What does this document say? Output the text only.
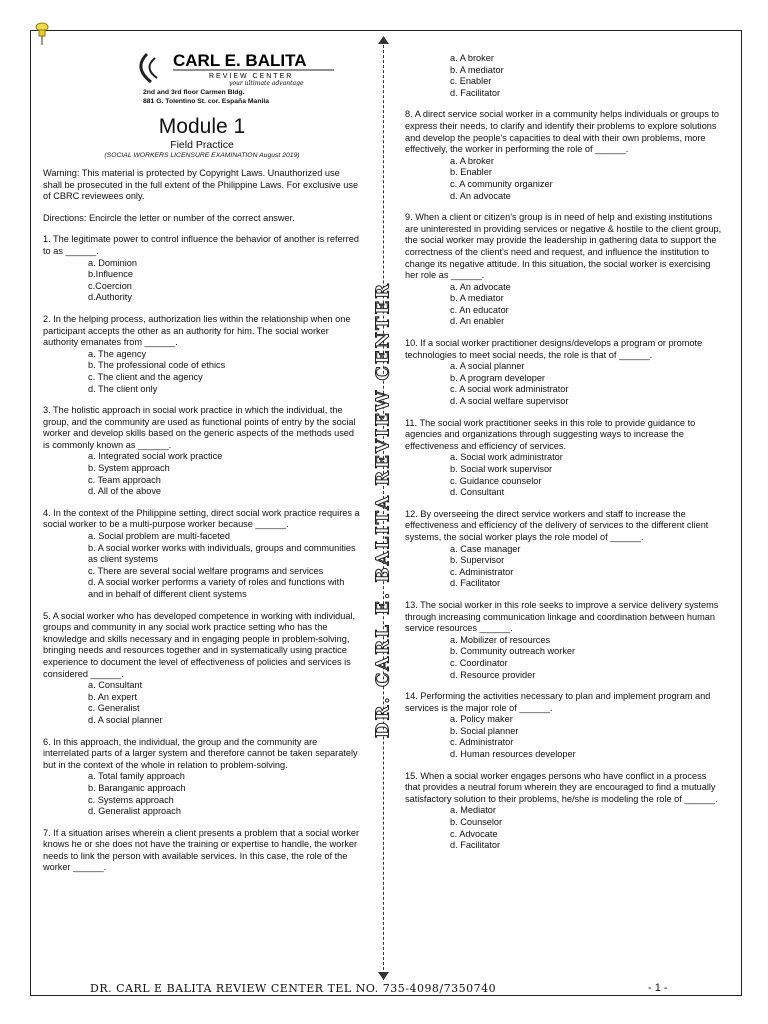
CARL E. BALITA
REVIEW CENTER
your ultimate advantage
2nd and 3rd floor Carmen Bldg.
881 G. Tolentino St. cor. España Manila
Module 1
Field Practice
(SOCIAL WORKERS LICENSURE EXAMINATION August 2019)

Warning: This material is protected by Copyright Laws. Unauthorized use shall be prosecuted in the full extent of the Philippine Laws. For exclusive use of CBRC reviewees only.

Directions: Encircle the letter or number of the correct answer.

1. The legitimate power to control influence the behavior of another is referred to as ______.

a. Dominion
b.Influence
c.Coercion
d.Authority

2. In the helping process, authorization lies within the relationship when one participant accepts the other as an authority for him. The social worker authority emanates from ______.

a. The agency
b. The professional code of ethics
c. The client and the agency
d. The client only

3. The holistic approach in social work practice in which the individual, the group, and the community are used as functional points of entry by the social worker and develop skills based on the generic aspects of the methods used is commonly known as ______.

a. Integrated social work practice
b. System approach
c. Team approach
d. All of the above

4. In the context of the Philippine setting, direct social work practice requires a social worker to be a multi-purpose worker because ______.

a. Social problem are multi-faceted
b. A social worker works with individuals, groups and communities as client systems
c. There are several social welfare programs and services
d. A social worker performs a variety of roles and functions with and in behalf of different client systems

5. A social worker who has developed competence in working with individual, groups and community in any social work practice setting who has the knowledge and skills necessary and in engaging people in problem-solving, bringing needs and resources together and in systematically using practice experience to document the level of effectiveness of policies and services is considered ______.

a. Consultant
b. An expert
c. Generalist
d. A social planner

6. In this approach, the individual, the group and the community are interrelated parts of a larger system and therefore cannot be taken separately but in the context of the whole in relation to problem-solving.

a. Total family approach
b. Baranganic approach
c. Systems approach
d. Generalist approach

7. If a situation arises wherein a client presents a problem that a social worker knows he or she does not have the training or expertise to handle, the worker needs to link the person with available services. In this case, the role of the worker ______.

DR. CARL E. BALITA REVIEW CENTER
a. A broker
b. A mediator
c. Enabler
d. Facilitator

8. A direct service social worker in a community helps individuals or groups to express their needs, to clarify and identify their problems to explore solutions and develop the people's capacities to deal with their own problems, more effectively, the worker in performing the role of ______.

a. A broker
b. Enabler
c. A community organizer
d. An advocate

9. When a client or citizen's group is in need of help and existing institutions are uninterested in providing services or negative & hostile to the client group, the social worker may provide the leadership in gathering data to support the correctness of the client's need and request, and influence the institution to change its negative attitude. In this situation, the social worker is exercising her role as ______.

a. An advocate
b. A mediator
c. An educator
d. An enabler

10. If a social worker practitioner designs/develops a program or promote technologies to meet social needs, the role is that of ______.

a. A social planner
b. A program developer
c. A social work administrator
d. A social welfare supervisor

11. The social work practitioner seeks in this role to provide guidance to agencies and organizations through suggesting ways to increase the effectiveness and efficiency of services.

a. Social work administrator
b. Social work supervisor
c. Guidance counselor
d. Consultant

12. By overseeing the direct service workers and staff to increase the effectiveness and efficiency of the delivery of services to the different client systems, the social worker plays the role model of ______.

a. Case manager
b. Supervisor
c. Administrator
d. Facilitator

13. The social worker in this role seeks to improve a service delivery systems through increasing communication linkage and coordination between human service resources ______.

a. Mobilizer of resources
b. Community outreach worker
c. Coordinator
d. Resource provider

14. Performing the activities necessary to plan and implement program and services is the major role of ______.

a. Policy maker
b. Social planner
c. Administrator
d. Human resources developer

15. When a social worker engages persons who have conflict in a process that provides a neutral forum wherein they are encouraged to find a mutually satisfactory solution to their problems, he/she is modeling the role of ______.

a. Mediator
b. Counselor
c. Advocate
d. Facilitator
DR. CARL E BALITA REVIEW CENTER TEL NO. 735-4098/7350740	- 1 -
